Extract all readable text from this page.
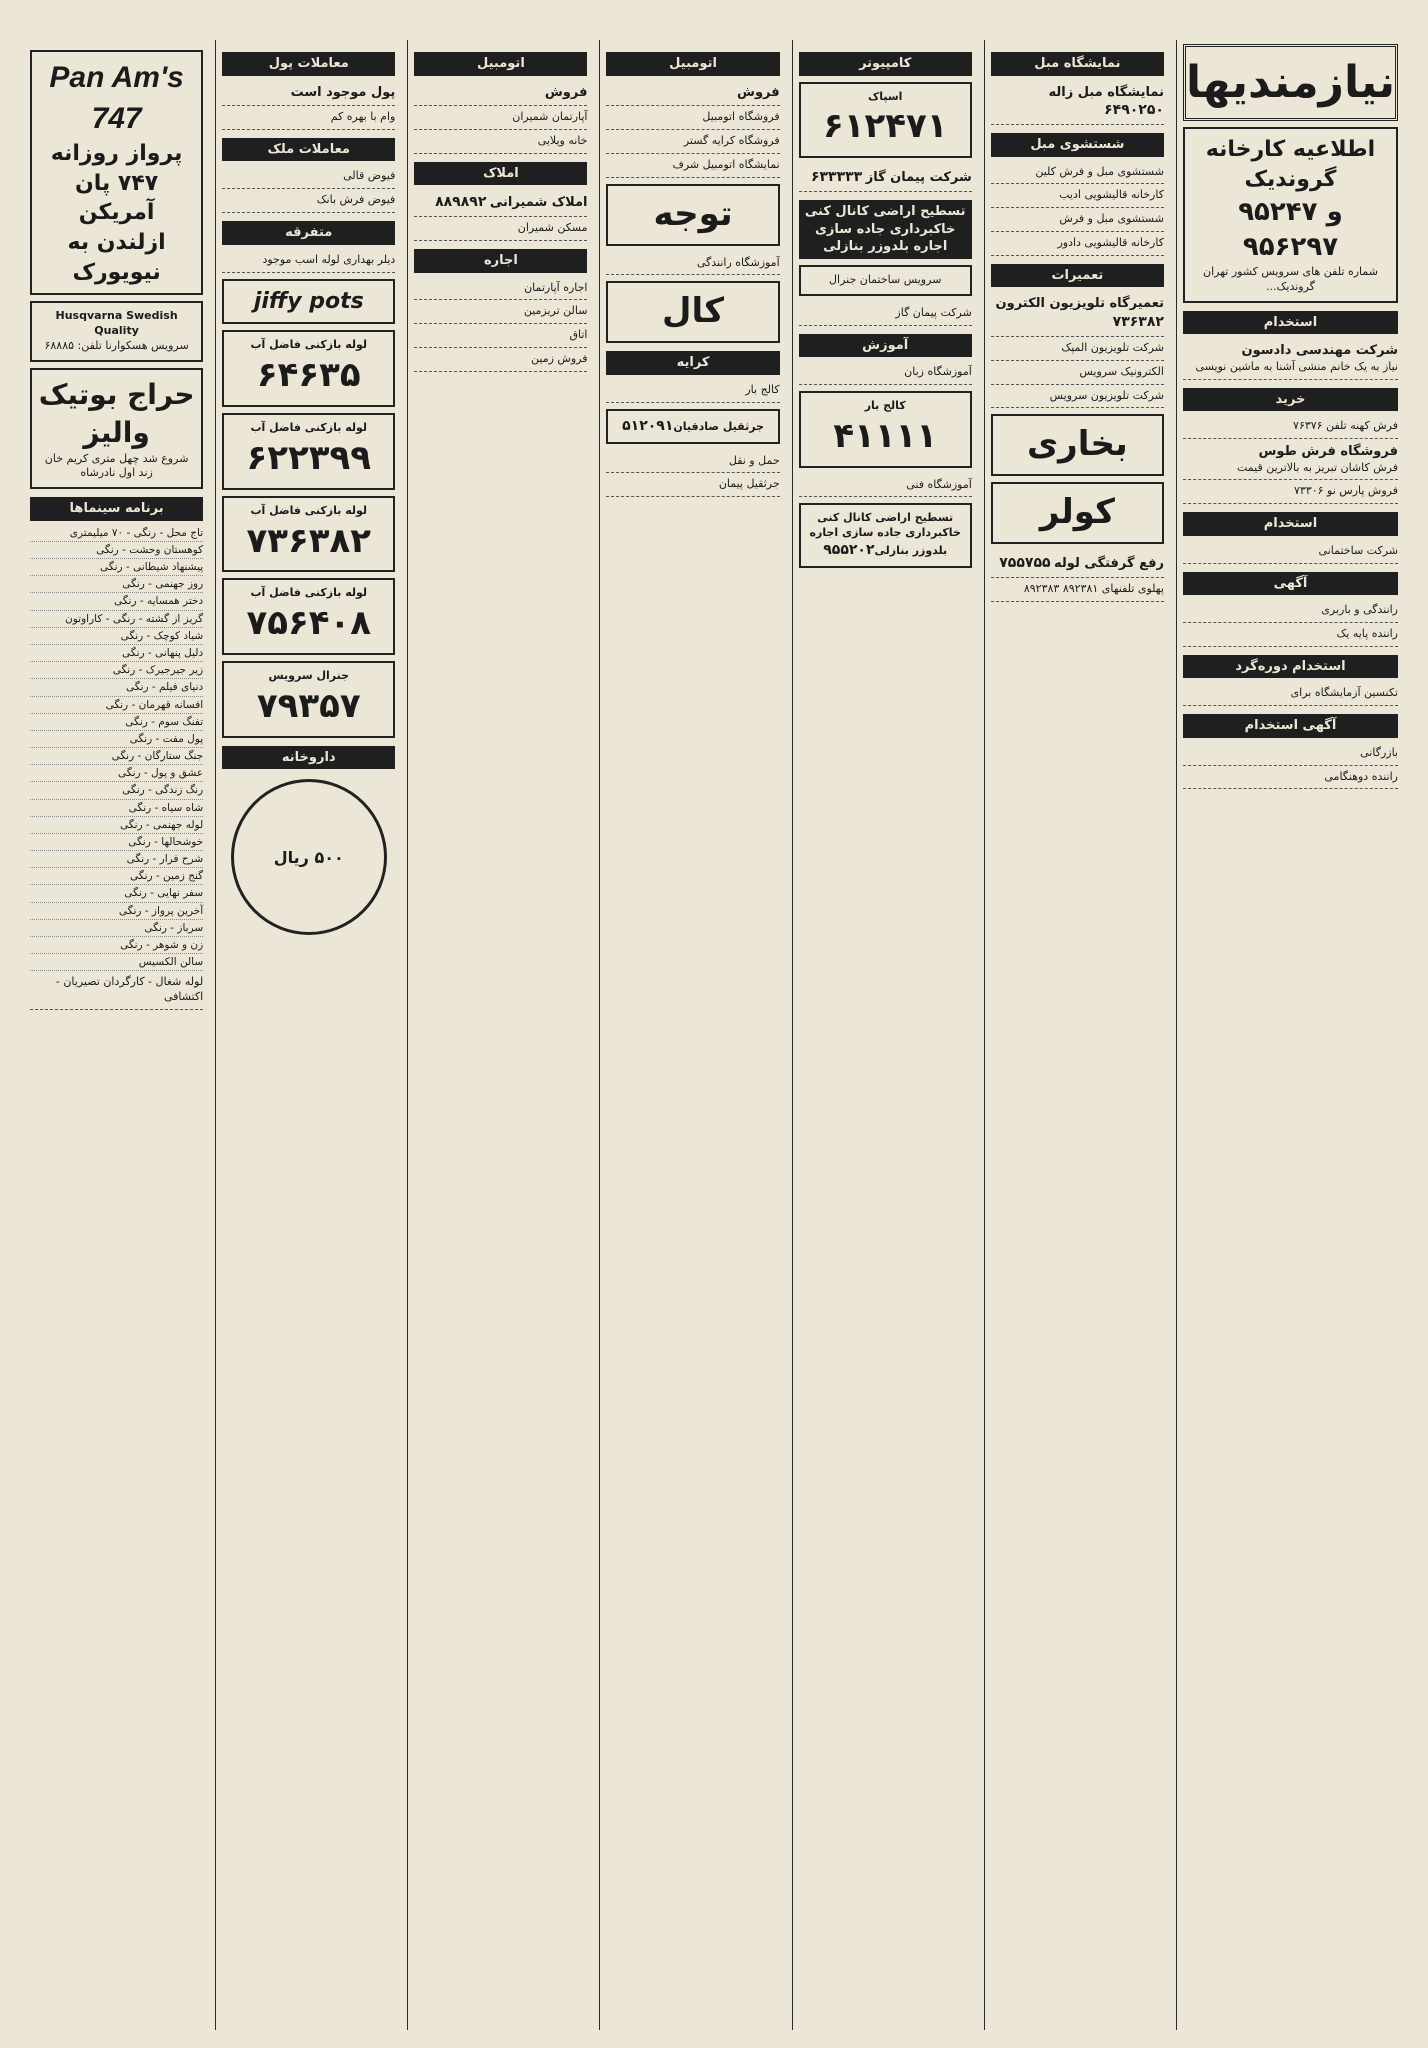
نیازمندیها
اطلاعیه کارخانه گروندیک
۹۵۲۴۷ و ۹۵۶۲۹۷
شماره تلفن های سرویس کشور تهران گروندیک...
استخدام
شرکت مهندسی دادسون
نیاز به یک خانم منشی آشنا به ماشین نویسی
خرید
فرش کهنه تلفن ۷۶۳۷۶
فروشگاه فرش طوس
فرش کاشان تبریز به بالاترین قیمت
فروش پارس نو ۷۳۳۰۶
استخدام
شرکت ساختمانی
آگهی
رانندگی و باربری
راننده پایه یک
استخدام دوره‌گرد
تکنسین آزمایشگاه برای
آگهی استخدام
بازرگانی
راننده دوهنگامی
نمایشگاه مبل
نمایشگاه مبل زاله ۶۴۹۰۲۵۰
شستشوی مبل
شستشوی مبل و فرش کلین
کارخانه قالیشویی ادیب
شستشوی مبل و فرش
کارخانه قالیشویی دادور
تعمیرات
تعمیرگاه تلویزیون الکترون ۷۳۶۳۸۲
شرکت تلویزیون المپک
الکترونیک سرویس
شرکت تلویزیون سرویس
بخاری
کولر
رفع گرفتگی لوله ۷۵۵۷۵۵
پهلوی تلفنهای ۸۹۲۳۸۱ ۸۹۲۳۸۳
کامپیوتر
اسپاک
۶۱۲۴۷۱
شرکت پیمان گاز ۶۳۳۳۳۳
تسطیح اراضی کانال کنی خاکبرداری جاده سازی اجاره بلدوزر بنازلی
سرویس ساختمان جنرال
شرکت پیمان گاز
آموزش
آموزشگاه زبان
کالج بار
۴۱۱۱۱
آموزشگاه فنی
تسطیح اراضی کانال کنی خاکبرداری جاده سازی اجاره بلدوزر بنازلی۹۵۵۲۰۲
اتومبیل
فروش
فروشگاه اتومبیل
فروشگاه کرایه گستر
نمایشگاه اتومبیل شرف
توجه
آموزشگاه رانندگی
کال
کرایه
کالج بار
جرثقیل صادقیان۵۱۲۰۹۱
حمل و نقل
جرثقیل پیمان
اتومبیل
فروش
آپارتمان شمیران
خانه ویلایی
املاک
املاک شمیرانی ۸۸۹۸۹۲
مسکن شمیران
اجاره
اجاره آپارتمان
سالن تریزمین
اتاق
فروش زمین
معاملات پول
پول موجود است
وام با بهره کم
معاملات ملک
فیوض قالی
فیوض فرش بانک
متفرقه
دیلر بهداری لوله اسب موجود
jiffy pots
لوله بازکنی فاضل آب
۶۴۶۳۵
لوله بازکنی فاضل آب
۶۲۲۳۹۹
لوله بازکنی فاضل آب
۷۳۶۳۸۲
لوله بازکنی فاضل آب
۷۵۶۴۰۸
جنرال سرویس
۷۹۳۵۷
داروخانه
۵۰۰ ریال
Pan Am's 747
پرواز روزانه
۷۴۷ پان آمریکن
ازلندن به نیویورک
Husqvarna Swedish Quality
سرویس هسکوارنا تلفن: ۶۸۸۸۵
حراج بوتیک والیز
شروع شد چهل متری کریم خان زند اول نادرشاه
برنامه سینماها
تاج محل - رنگی - ۷۰ میلیمتری
کوهستان وحشت - رنگی
پیشنهاد شیطانی - رنگی
روز جهنمی - رنگی
دختر همسایه - رنگی
گریز از گشته - رنگی - کاراوتون
شیاد کوچک - رنگی
دلیل پنهانی - رنگی
زیر جیرجیرک - رنگی
دنیای فیلم - رنگی
افسانه قهرمان - رنگی
تفنگ سوم - رنگی
پول مفت - رنگی
جنگ ستارگان - رنگی
عشق و پول - رنگی
رنگ زندگی - رنگی
شاه سیاه - رنگی
لوله جهنمی - رنگی
خوشحالها - رنگی
شرح فرار - رنگی
گنج زمین - رنگی
سفر نهایی - رنگی
آخرین پرواز - رنگی
سرباز - رنگی
زن و شوهر - رنگی
سالن الکسیس
لوله شغال - کارگردان تصیریان - اکتشافی
